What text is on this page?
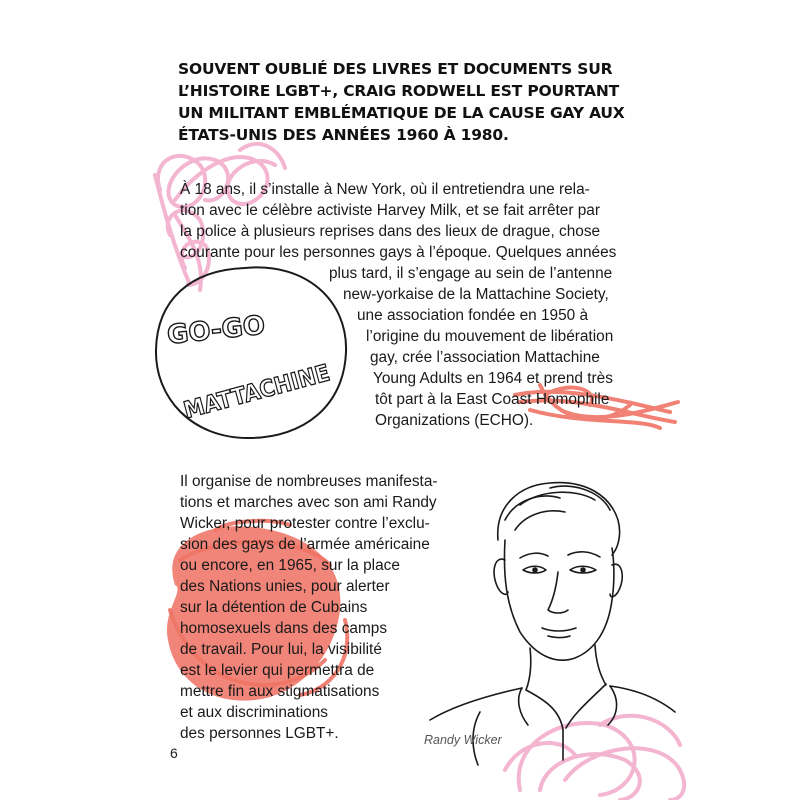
GO-GO
MATTACHINE

SOUVENT OUBLIÉ DES LIVRES ET DOCUMENTS SUR L’HISTOIRE LGBT+, CRAIG RODWELL EST POURTANT UN MILITANT EMBLÉMATIQUE DE LA CAUSE GAY AUX ÉTATS-UNIS DES ANNÉES 1960 À 1980.

À 18 ans, il s’installe à New York, où il entretiendra une rela-
tion avec le célèbre activiste Harvey Milk, et se fait arrêter par
la police à plusieurs reprises dans des lieux de drague, chose
courante pour les personnes gays à l’époque. Quelques années
plus tard, il s’engage au sein de l’antenne
new-yorkaise de la Mattachine Society,
une association fondée en 1950 à
l’origine du mouvement de libération
gay, crée l’association Mattachine
Young Adults en 1964 et prend très
tôt part à la East Coast Homophile
Organizations (ECHO).
Il organise de nombreuses manifesta-
tions et marches avec son ami Randy
Wicker, pour protester contre l’exclu-
sion des gays de l’armée américaine
ou encore, en 1965, sur la place
des Nations unies, pour alerter
sur la détention de Cubains
homosexuels dans des camps
de travail. Pour lui, la visibilité
est le levier qui permettra de
mettre fin aux stigmatisations
et aux discriminations
des personnes LGBT+.	Randy Wicker
6
